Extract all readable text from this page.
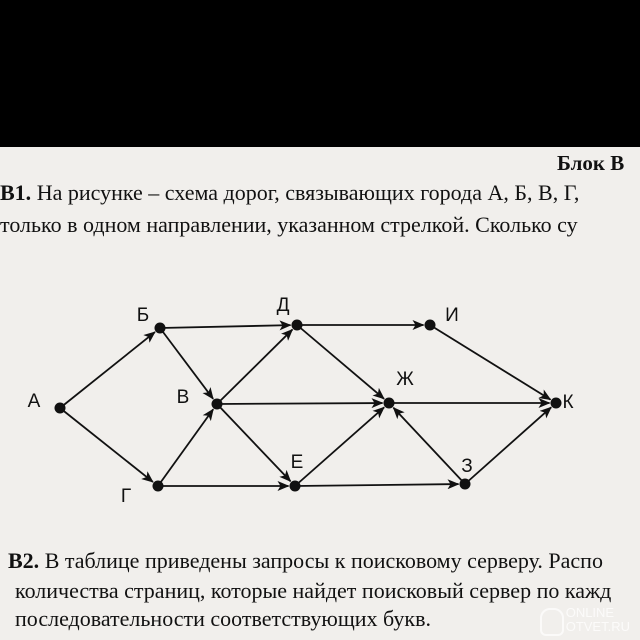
Блок В
В1. На рисунке – схема дорог, связывающих города А, Б, В, Г,
только в одном направлении, указанном стрелкой. Сколько су
А
Б
В
Г
Д
Е
Ж
З
И
К
В2. В таблице приведены запросы к поисковому серверу. Распо
количества страниц, которые найдет поисковый сервер по кажд
последовательности соответствующих букв.	ONLINE
OTVET.RU
